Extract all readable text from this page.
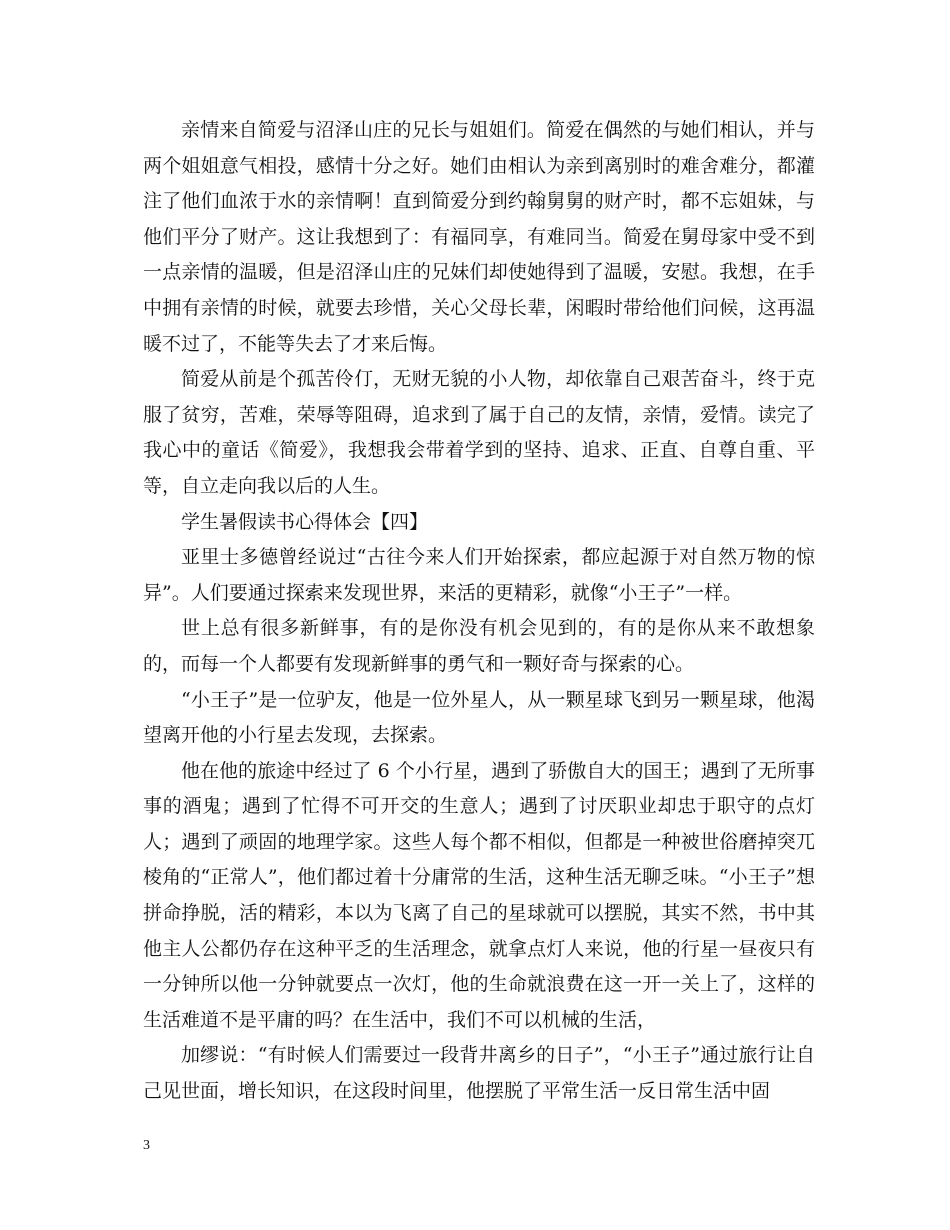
亲情来自简爱与沼泽山庄的兄长与姐姐们。简爱在偶然的与她们相认，并与两个姐姐意气相投，感情十分之好。她们由相认为亲到离别时的难舍难分，都灌注了他们血浓于水的亲情啊！直到简爱分到约翰舅舅的财产时，都不忘姐妹，与他们平分了财产。这让我想到了：有福同享，有难同当。简爱在舅母家中受不到一点亲情的温暖，但是沼泽山庄的兄妹们却使她得到了温暖，安慰。我想，在手中拥有亲情的时候，就要去珍惜，关心父母长辈，闲暇时带给他们问候，这再温暖不过了，不能等失去了才来后悔。

简爱从前是个孤苦伶仃，无财无貌的小人物，却依靠自己艰苦奋斗，终于克服了贫穷，苦难，荣辱等阻碍，追求到了属于自己的友情，亲情，爱情。读完了我心中的童话《简爱》，我想我会带着学到的坚持、追求、正直、自尊自重、平等，自立走向我以后的人生。

学生暑假读书心得体会【四】

亚里士多德曾经说过“古往今来人们开始探索，都应起源于对自然万物的惊异”。人们要通过探索来发现世界，来活的更精彩，就像“小王子”一样。

世上总有很多新鲜事，有的是你没有机会见到的，有的是你从来不敢想象的，而每一个人都要有发现新鲜事的勇气和一颗好奇与探索的心。

“小王子”是一位驴友，他是一位外星人，从一颗星球飞到另一颗星球，他渴望离开他的小行星去发现，去探索。

他在他的旅途中经过了 6 个小行星，遇到了骄傲自大的国王；遇到了无所事事的酒鬼；遇到了忙得不可开交的生意人；遇到了讨厌职业却忠于职守的点灯人；遇到了顽固的地理学家。这些人每个都不相似，但都是一种被世俗磨掉突兀棱角的“正常人”，他们都过着十分庸常的生活，这种生活无聊乏味。“小王子”想拼命挣脱，活的精彩，本以为飞离了自己的星球就可以摆脱，其实不然，书中其他主人公都仍存在这种平乏的生活理念，就拿点灯人来说，他的行星一昼夜只有一分钟所以他一分钟就要点一次灯，他的生命就浪费在这一开一关上了，这样的生活难道不是平庸的吗？在生活中，我们不可以机械的生活，

加缪说：“有时候人们需要过一段背井离乡的日子”，“小王子”通过旅行让自己见世面，增长知识，在这段时间里，他摆脱了平常生活一反日常生活中固

3
